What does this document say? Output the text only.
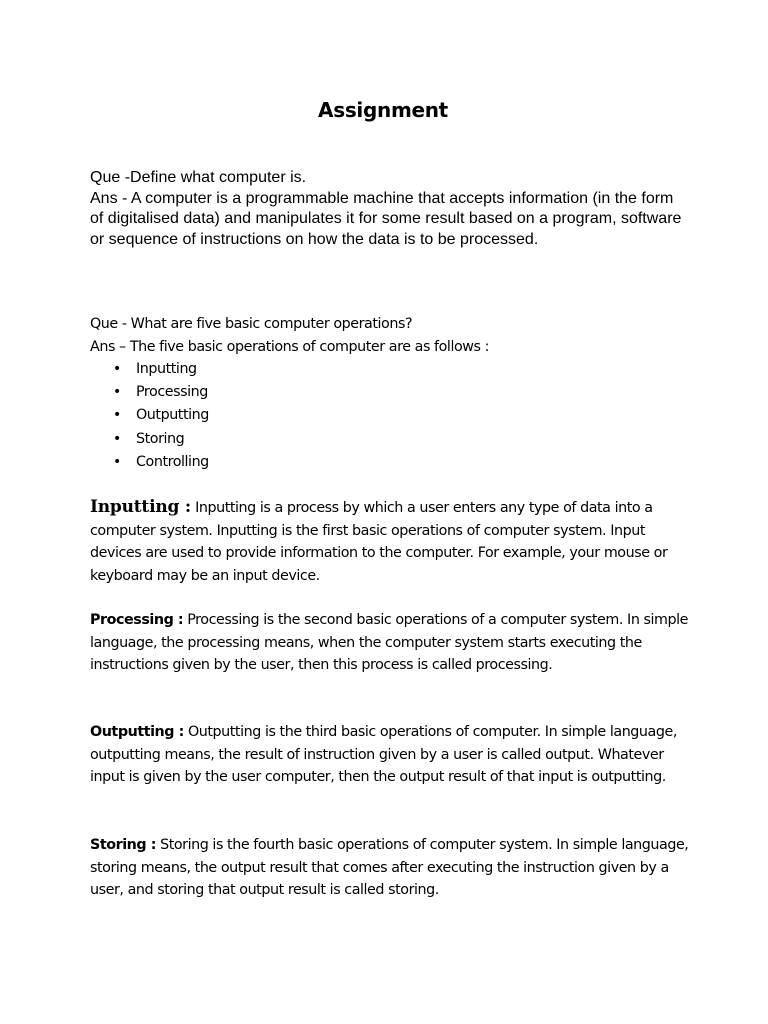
Assignment

Que -Define what computer is.

Ans - A computer is a programmable machine that accepts information (in the form of digitalised data) and manipulates it for some result based on a program, software or sequence of instructions on how the data is to be processed.

Que - What are five basic computer operations?

Ans – The five basic operations of computer are as follows :

• Inputting
• Processing
• Outputting
• Storing
• Controlling

Inputting : Inputting is a process by which a user enters any type of data into a computer system. Inputting is the first basic operations of computer system. Input devices are used to provide information to the computer. For example, your mouse or keyboard may be an input device.

Processing : Processing is the second basic operations of a computer system. In simple language, the processing means, when the computer system starts executing the instructions given by the user, then this process is called processing.

Outputting : Outputting is the third basic operations of computer. In simple language, outputting means, the result of instruction given by a user is called output. Whatever input is given by the user computer, then the output result of that input is outputting.

Storing : Storing is the fourth basic operations of computer system. In simple language, storing means, the output result that comes after executing the instruction given by a user, and storing that output result is called storing.
